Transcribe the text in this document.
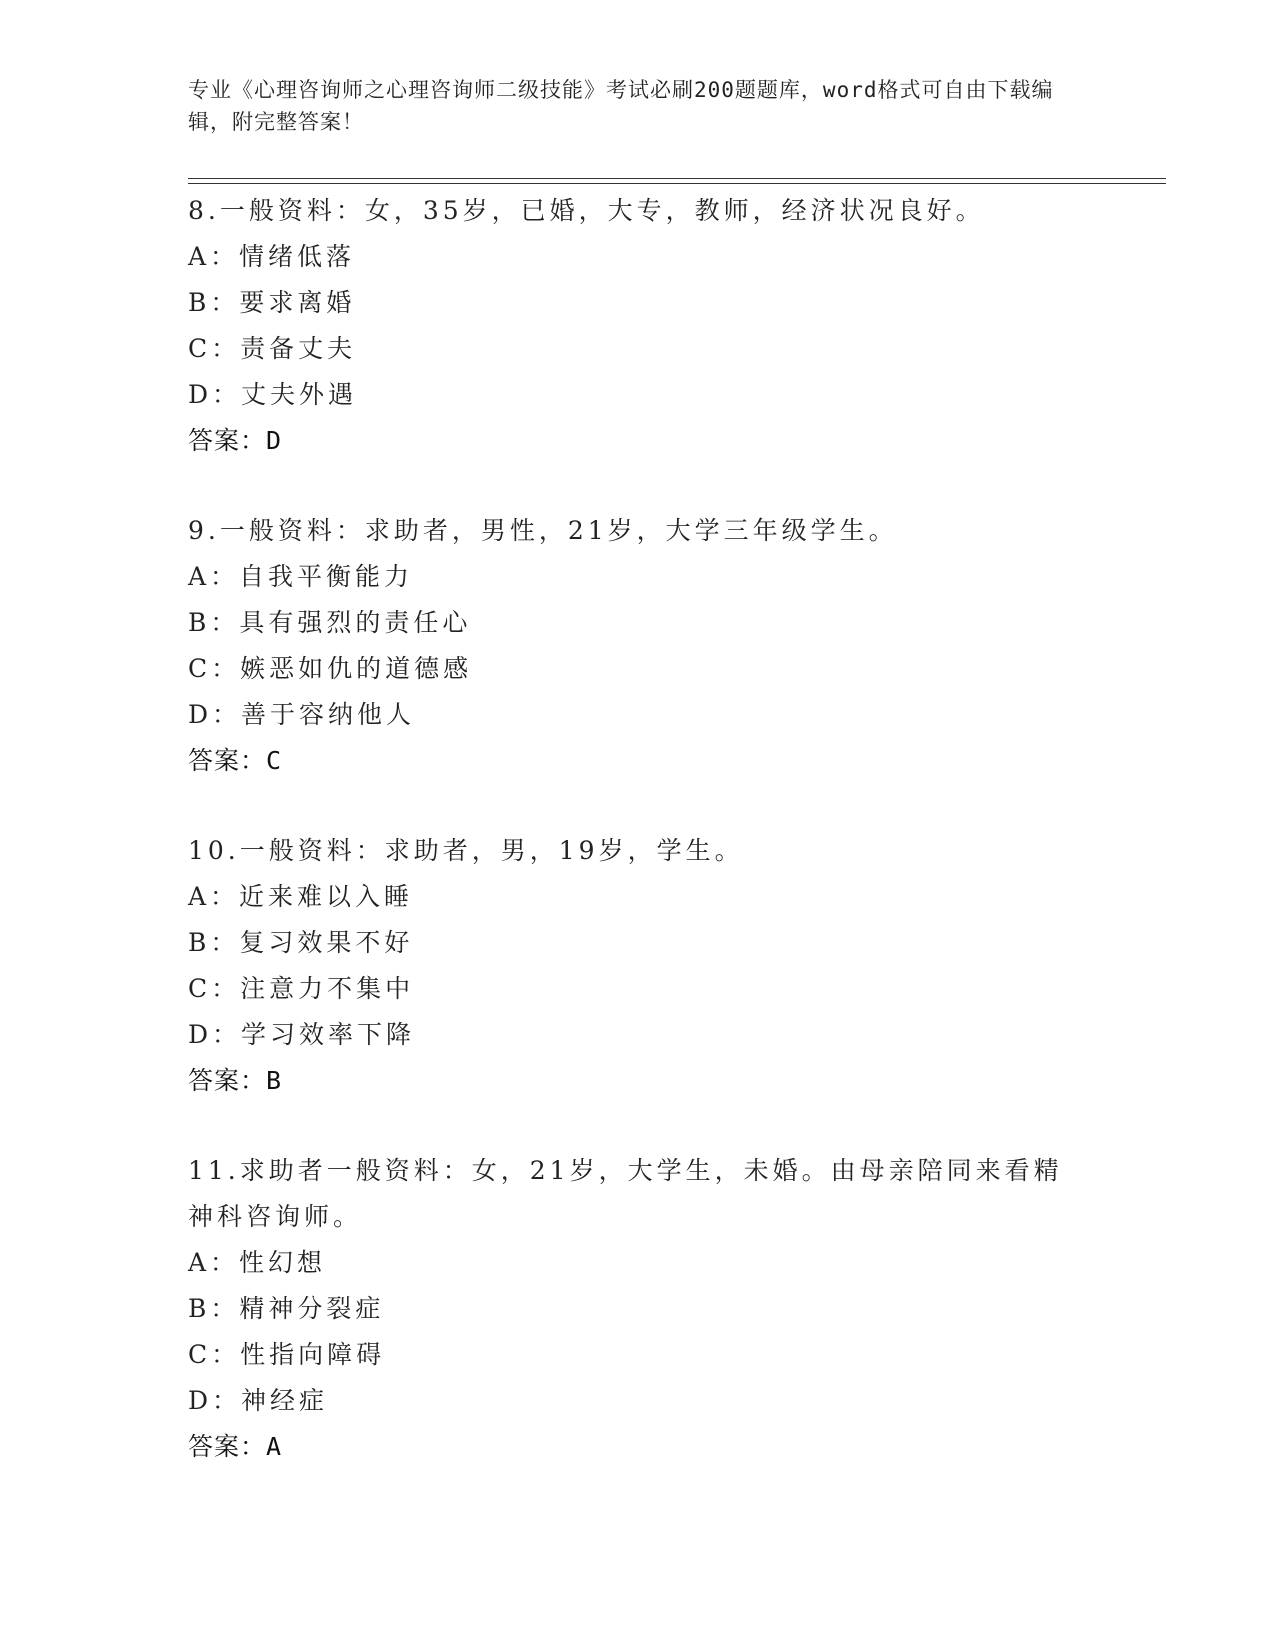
专业《心理咨询师之心理咨询师二级技能》考试必刷200题题库，word格式可自由下载编辑，附完整答案！
8.一般资料：女，35岁，已婚，大专，教师，经济状况良好。
A：情绪低落
B：要求离婚
C：责备丈夫
D：丈夫外遇
答案：D
9.一般资料：求助者，男性，21岁，大学三年级学生。
A：自我平衡能力
B：具有强烈的责任心
C：嫉恶如仇的道德感
D：善于容纳他人
答案：C
10.一般资料：求助者，男，19岁，学生。
A：近来难以入睡
B：复习效果不好
C：注意力不集中
D：学习效率下降
答案：B
11.求助者一般资料：女，21岁，大学生，未婚。由母亲陪同来看精神科咨询师。
A：性幻想
B：精神分裂症
C：性指向障碍
D：神经症
答案：A
